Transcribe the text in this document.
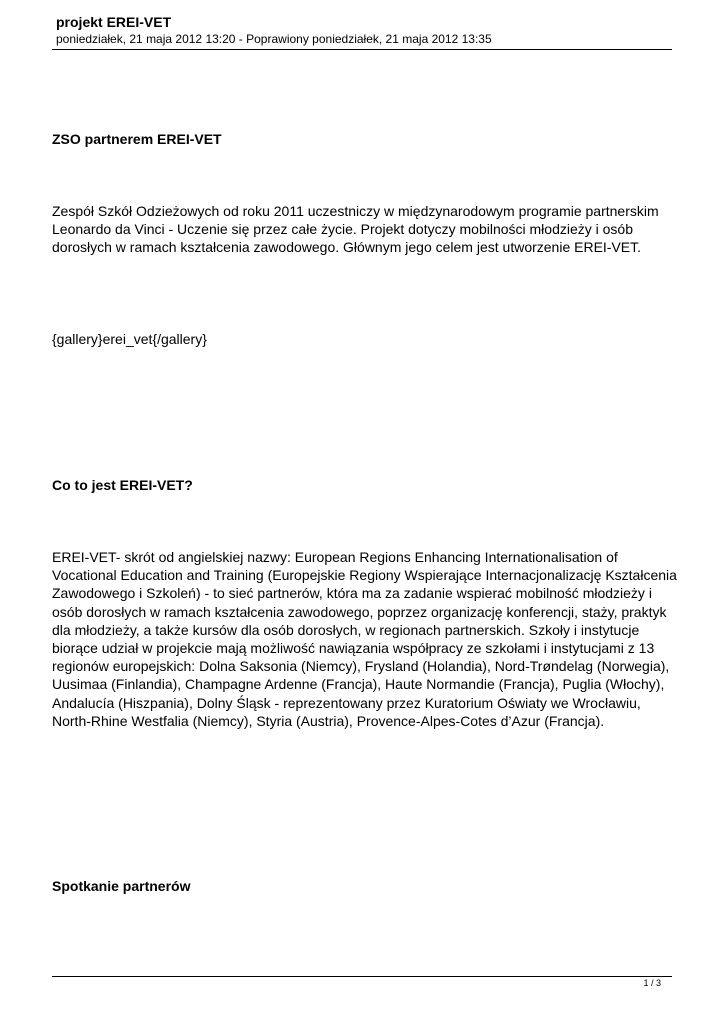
projekt EREI-VET

poniedziałek, 21 maja 2012 13:20 - Poprawiony poniedziałek, 21 maja 2012 13:35

ZSO partnerem EREI-VET

Zespół Szkół Odzieżowych od roku 2011 uczestniczy w międzynarodowym programie partnerskim Leonardo da Vinci - Uczenie się przez całe życie. Projekt dotyczy mobilności młodzieży i osób dorosłych w ramach kształcenia zawodowego. Głównym jego celem jest utworzenie EREI-VET.

{gallery}erei_vet{/gallery}

Co to jest EREI-VET?

EREI-VET- skrót od angielskiej nazwy: European Regions Enhancing Internationalisation of Vocational Education and Training (Europejskie Regiony Wspierające Internacjonalizację Kształcenia Zawodowego i Szkoleń) - to sieć partnerów, która ma za zadanie wspierać mobilność młodzieży i osób dorosłych w ramach kształcenia zawodowego, poprzez organizację konferencji, staży, praktyk dla młodzieży, a także kursów dla osób dorosłych, w regionach partnerskich. Szkoły i instytucje biorące udział w projekcie mają możliwość nawiązania współpracy ze szkołami i instytucjami z 13 regionów europejskich: Dolna Saksonia (Niemcy), Frysland (Holandia), Nord-Trøndelag (Norwegia), Uusimaa (Finlandia), Champagne Ardenne (Francja), Haute Normandie (Francja), Puglia (Włochy), Andalucía (Hiszpania), Dolny Śląsk - reprezentowany przez Kuratorium Oświaty we Wrocławiu, North-Rhine Westfalia (Niemcy), Styria (Austria), Provence-Alpes-Cotes d’Azur (Francja).

Spotkanie partnerów
1 / 3
